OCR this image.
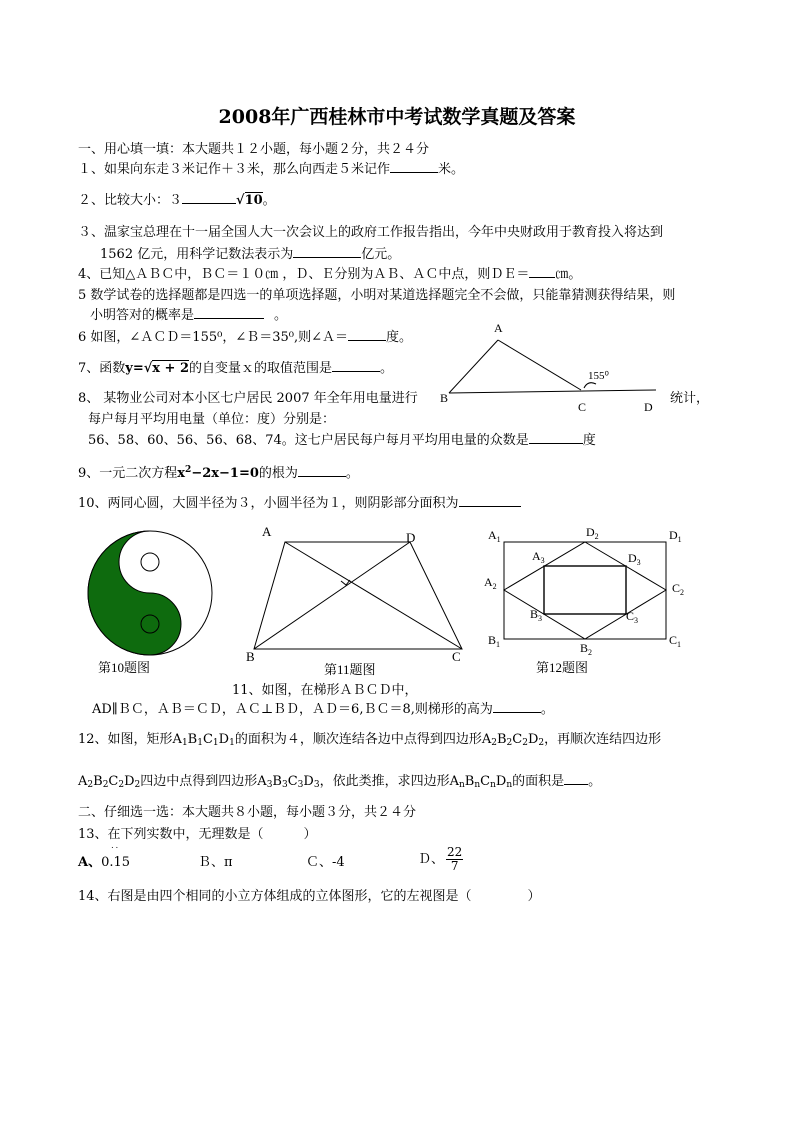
2008年广西桂林市中考试数学真题及答案
一、用心填一填：本大题共１２小题，每小题２分，共２４分
１、如果向东走３米记作＋３米，那么向西走５米记作	米。
２、比较大小：３	√10。
３、温家宝总理在十一届全国人大一次会议上的政府工作报告指出，今年中央财政用于教育投入将达到
1562 亿元，用科学记数法表示为	亿元。
4、已知△ＡＢＣ中，ＢＣ＝１０㎝ ，Ｄ、Ｅ分别为ＡＢ、ＡＣ中点，则ＤＥ＝ ㎝。
5 数学试卷的选择题都是四选一的单项选择题，小明对某道选择题完全不会做，只能靠猜测获得结果，则
小明答对的概率是	。
6 如图，∠ＡＣＤ＝155⁰，∠Ｂ＝35⁰,则∠Ａ＝	度。
7、函数y=√x + 2的自变量ｘ的取值范围是	。
A
B
C	D
155⁰
8、 某物业公司对本小区七户居民 2007 年全年用电量进行	统计，
每户每月平均用电量（单位：度）分别是：
56、58、60、56、56、68、74。这七户居民每户每月平均用电量的众数是	度
9、一元二次方程$x^2-2x-1=0$的根为	。
10、两同心圆，大圆半径为３，小圆半径为１，则阴影部分面积为
第10题图
A	D
B	C
第11题图
$A_1$
$D_2$	$D_1$
$A_3$	$D_3$
$A_2$	$C_2$
$B_3$	$C_3$
$B_1$	$B_2$
$C_1$
第12题图
11、如图，在梯形ＡＢＣＤ中，
AD∥ＢＣ，ＡＢ＝ＣＤ，ＡＣ⊥ＢＤ，ＡＤ＝6,ＢＣ＝8,则梯形的高为	。
12、如图，矩形$A_1B_1C_1D_1$的面积为４，顺次连结各边中点得到四边形$A_2B_2C_2D_2$，再顺次连结四边形
$A_2B_2C_2D_2$四边中点得到四边形$A_3B_3C_3D_3$，依此类推，求四边形$A_nB_nC_nD_n$的面积是 。
二、仔细选一选：本大题共８小题，每小题３分，共２４分
13、在下列实数中，无理数是（	）
A、
˙˙
0.15	Ｂ、π	Ｃ、-4	Ｄ、 $\frac{22}{7}$
14、右图是由四个相同的小立方体组成的立体图形，它的左视图是（	）
